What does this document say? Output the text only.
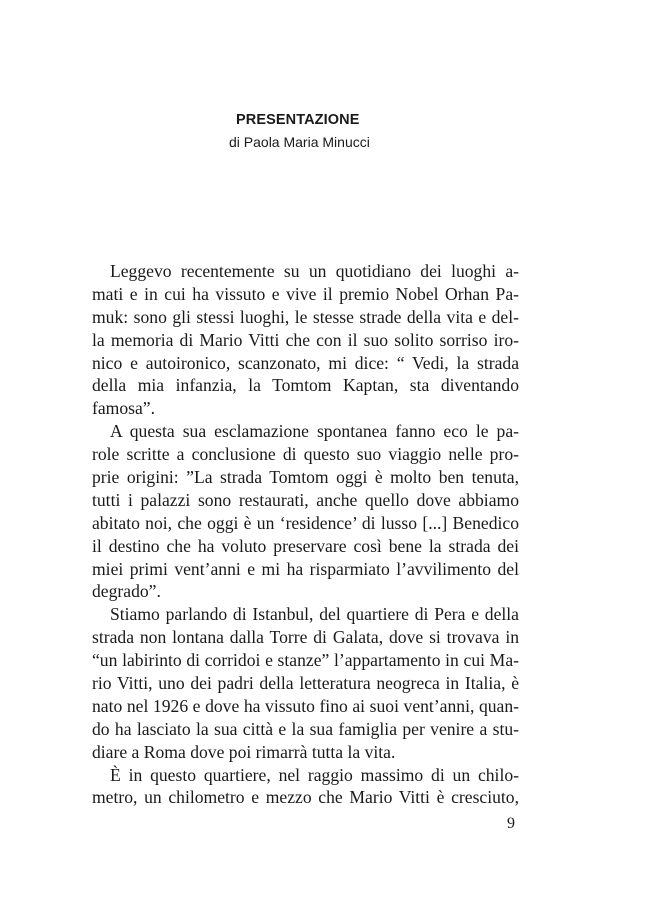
PRESENTAZIONE
di Paola Maria Minucci
Leggevo recentemente su un quotidiano dei luoghi a-
mati e in cui ha vissuto e vive il premio Nobel Orhan Pa-
muk: sono gli stessi luoghi, le stesse strade della vita e del-
la memoria di Mario Vitti che con il suo solito sorriso iro-
nico e autoironico, scanzonato, mi dice: “ Vedi, la strada
della mia infanzia, la Tomtom Kaptan, sta diventando
famosa”.
A questa sua esclamazione spontanea fanno eco le pa-
role scritte a conclusione di questo suo viaggio nelle pro-
prie origini: ”La strada Tomtom oggi è molto ben tenuta,
tutti i palazzi sono restaurati, anche quello dove abbiamo
abitato noi, che oggi è un ‘residence’ di lusso [...] Benedico
il destino che ha voluto preservare così bene la strada dei
miei primi vent’anni e mi ha risparmiato l’avvilimento del
degrado”.
Stiamo parlando di Istanbul, del quartiere di Pera e della
strada non lontana dalla Torre di Galata, dove si trovava in
“un labirinto di corridoi e stanze” l’appartamento in cui Ma-
rio Vitti, uno dei padri della letteratura neogreca in Italia, è
nato nel 1926 e dove ha vissuto fino ai suoi vent’anni, quan-
do ha lasciato la sua città e la sua famiglia per venire a stu-
diare a Roma dove poi rimarrà tutta la vita.
È in questo quartiere, nel raggio massimo di un chilo-
metro, un chilometro e mezzo che Mario Vitti è cresciuto,
9
